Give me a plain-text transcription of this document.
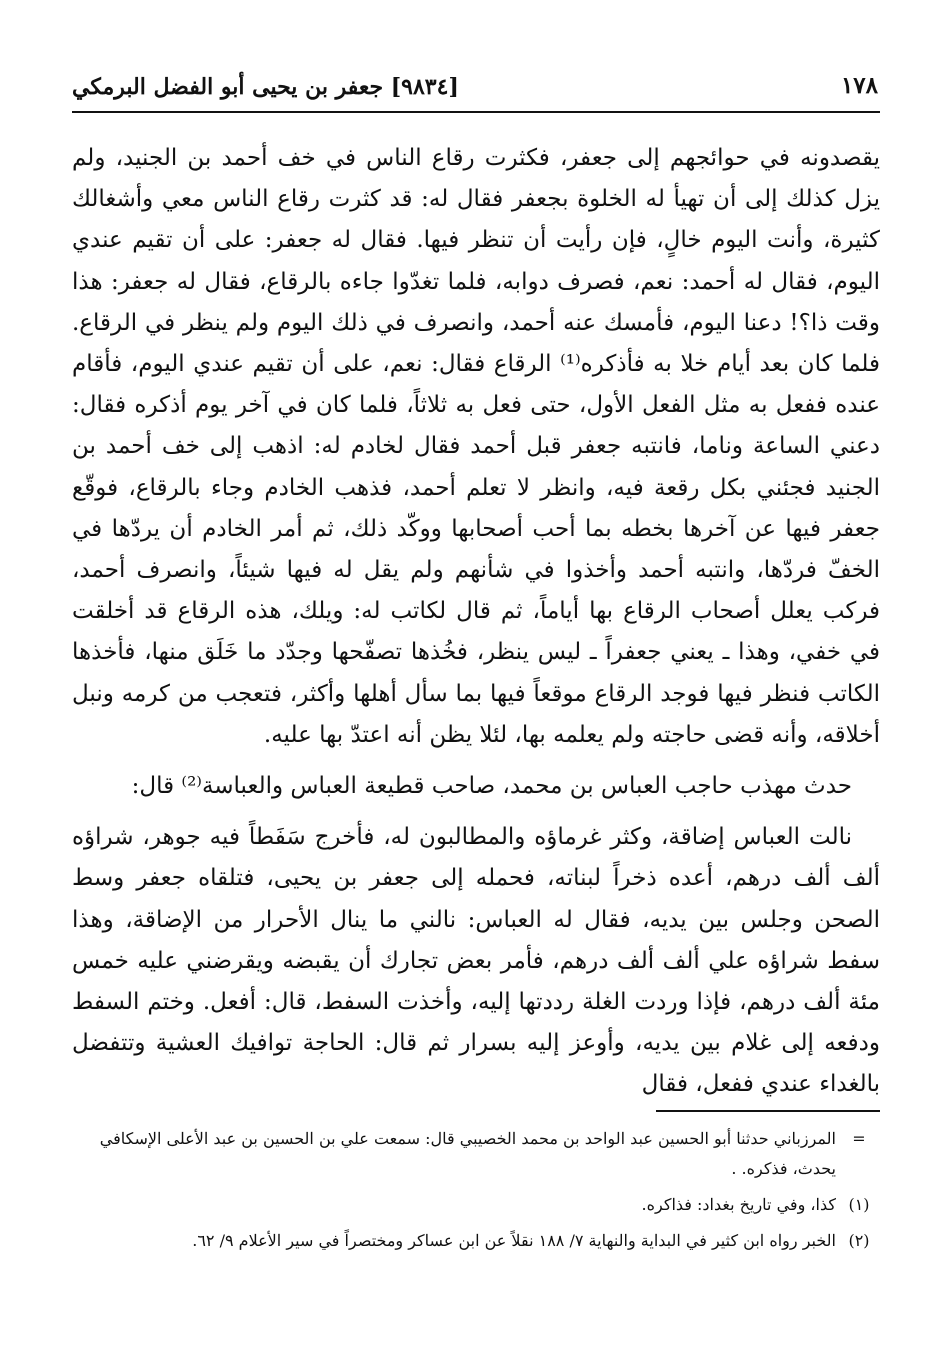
١٧٨
[٩٨٣٤] جعفر بن يحيى أبو الفضل البرمكي

يقصدونه في حوائجهم إلى جعفر، فكثرت رقاع الناس في خف أحمد بن الجنيد، ولم يزل كذلك إلى أن تهيأ له الخلوة بجعفر فقال له: قد كثرت رقاع الناس معي وأشغالك كثيرة، وأنت اليوم خالٍ، فإن رأيت أن تنظر فيها. فقال له جعفر: على أن تقيم عندي اليوم، فقال له أحمد: نعم، فصرف دوابه، فلما تغدّوا جاءه بالرقاع، فقال له جعفر: هذا وقت ذا؟! دعنا اليوم، فأمسك عنه أحمد، وانصرف في ذلك اليوم ولم ينظر في الرقاع. فلما كان بعد أيام خلا به فأذكره⁽¹⁾ الرقاع فقال: نعم، على أن تقيم عندي اليوم، فأقام عنده ففعل به مثل الفعل الأول، حتى فعل به ثلاثاً، فلما كان في آخر يوم أذكره فقال: دعني الساعة وناما، فانتبه جعفر قبل أحمد فقال لخادم له: اذهب إلى خف أحمد بن الجنيد فجئني بكل رقعة فيه، وانظر لا تعلم أحمد، فذهب الخادم وجاء بالرقاع، فوقّع جعفر فيها عن آخرها بخطه بما أحب أصحابها ووكّد ذلك، ثم أمر الخادم أن يردّها في الخفّ فردّها، وانتبه أحمد وأخذوا في شأنهم ولم يقل له فيها شيئاً، وانصرف أحمد، فركب يعلل أصحاب الرقاع بها أياماً، ثم قال لكاتب له: ويلك، هذه الرقاع قد أخلقت في خفي، وهذا ـ يعني جعفراً ـ ليس ينظر، فخُذها تصفّحها وجدّد ما خَلَق منها، فأخذها الكاتب فنظر فيها فوجد الرقاع موقعاً فيها بما سأل أهلها وأكثر، فتعجب من كرمه ونبل أخلاقه، وأنه قضى حاجته ولم يعلمه بها، لئلا يظن أنه اعتدّ بها عليه.

حدث مهذب حاجب العباس بن محمد، صاحب قطيعة العباس والعباسة⁽²⁾ قال:

نالت العباس إضاقة، وكثر غرماؤه والمطالبون له، فأخرج سَفَطاً فيه جوهر، شراؤه ألف ألف درهم، أعده ذخراً لبناته، فحمله إلى جعفر بن يحيى، فتلقاه جعفر وسط الصحن وجلس بين يديه، فقال له العباس: نالني ما ينال الأحرار من الإضاقة، وهذا سفط شراؤه علي ألف ألف درهم، فأمر بعض تجارك أن يقبضه ويقرضني عليه خمس مئة ألف درهم، فإذا وردت الغلة رددتها إليه، وأخذت السفط، قال: أفعل. وختم السفط ودفعه إلى غلام بين يديه، وأوعز إليه بسرار ثم قال: الحاجة توافيك العشية وتتفضل بالغداء عندي ففعل، فقال

=
المرزباني حدثنا أبو الحسين عبد الواحد بن محمد الخصيبي قال: سمعت علي بن الحسين بن عبد الأعلى الإسكافي يحدث، فذكره. .
(١)
كذا، وفي تاريخ بغداد: فذاكره.
(٢)
الخبر رواه ابن كثير في البداية والنهاية ٧/ ١٨٨ نقلاً عن ابن عساكر ومختصراً في سير الأعلام ٩/ ٦٢.
